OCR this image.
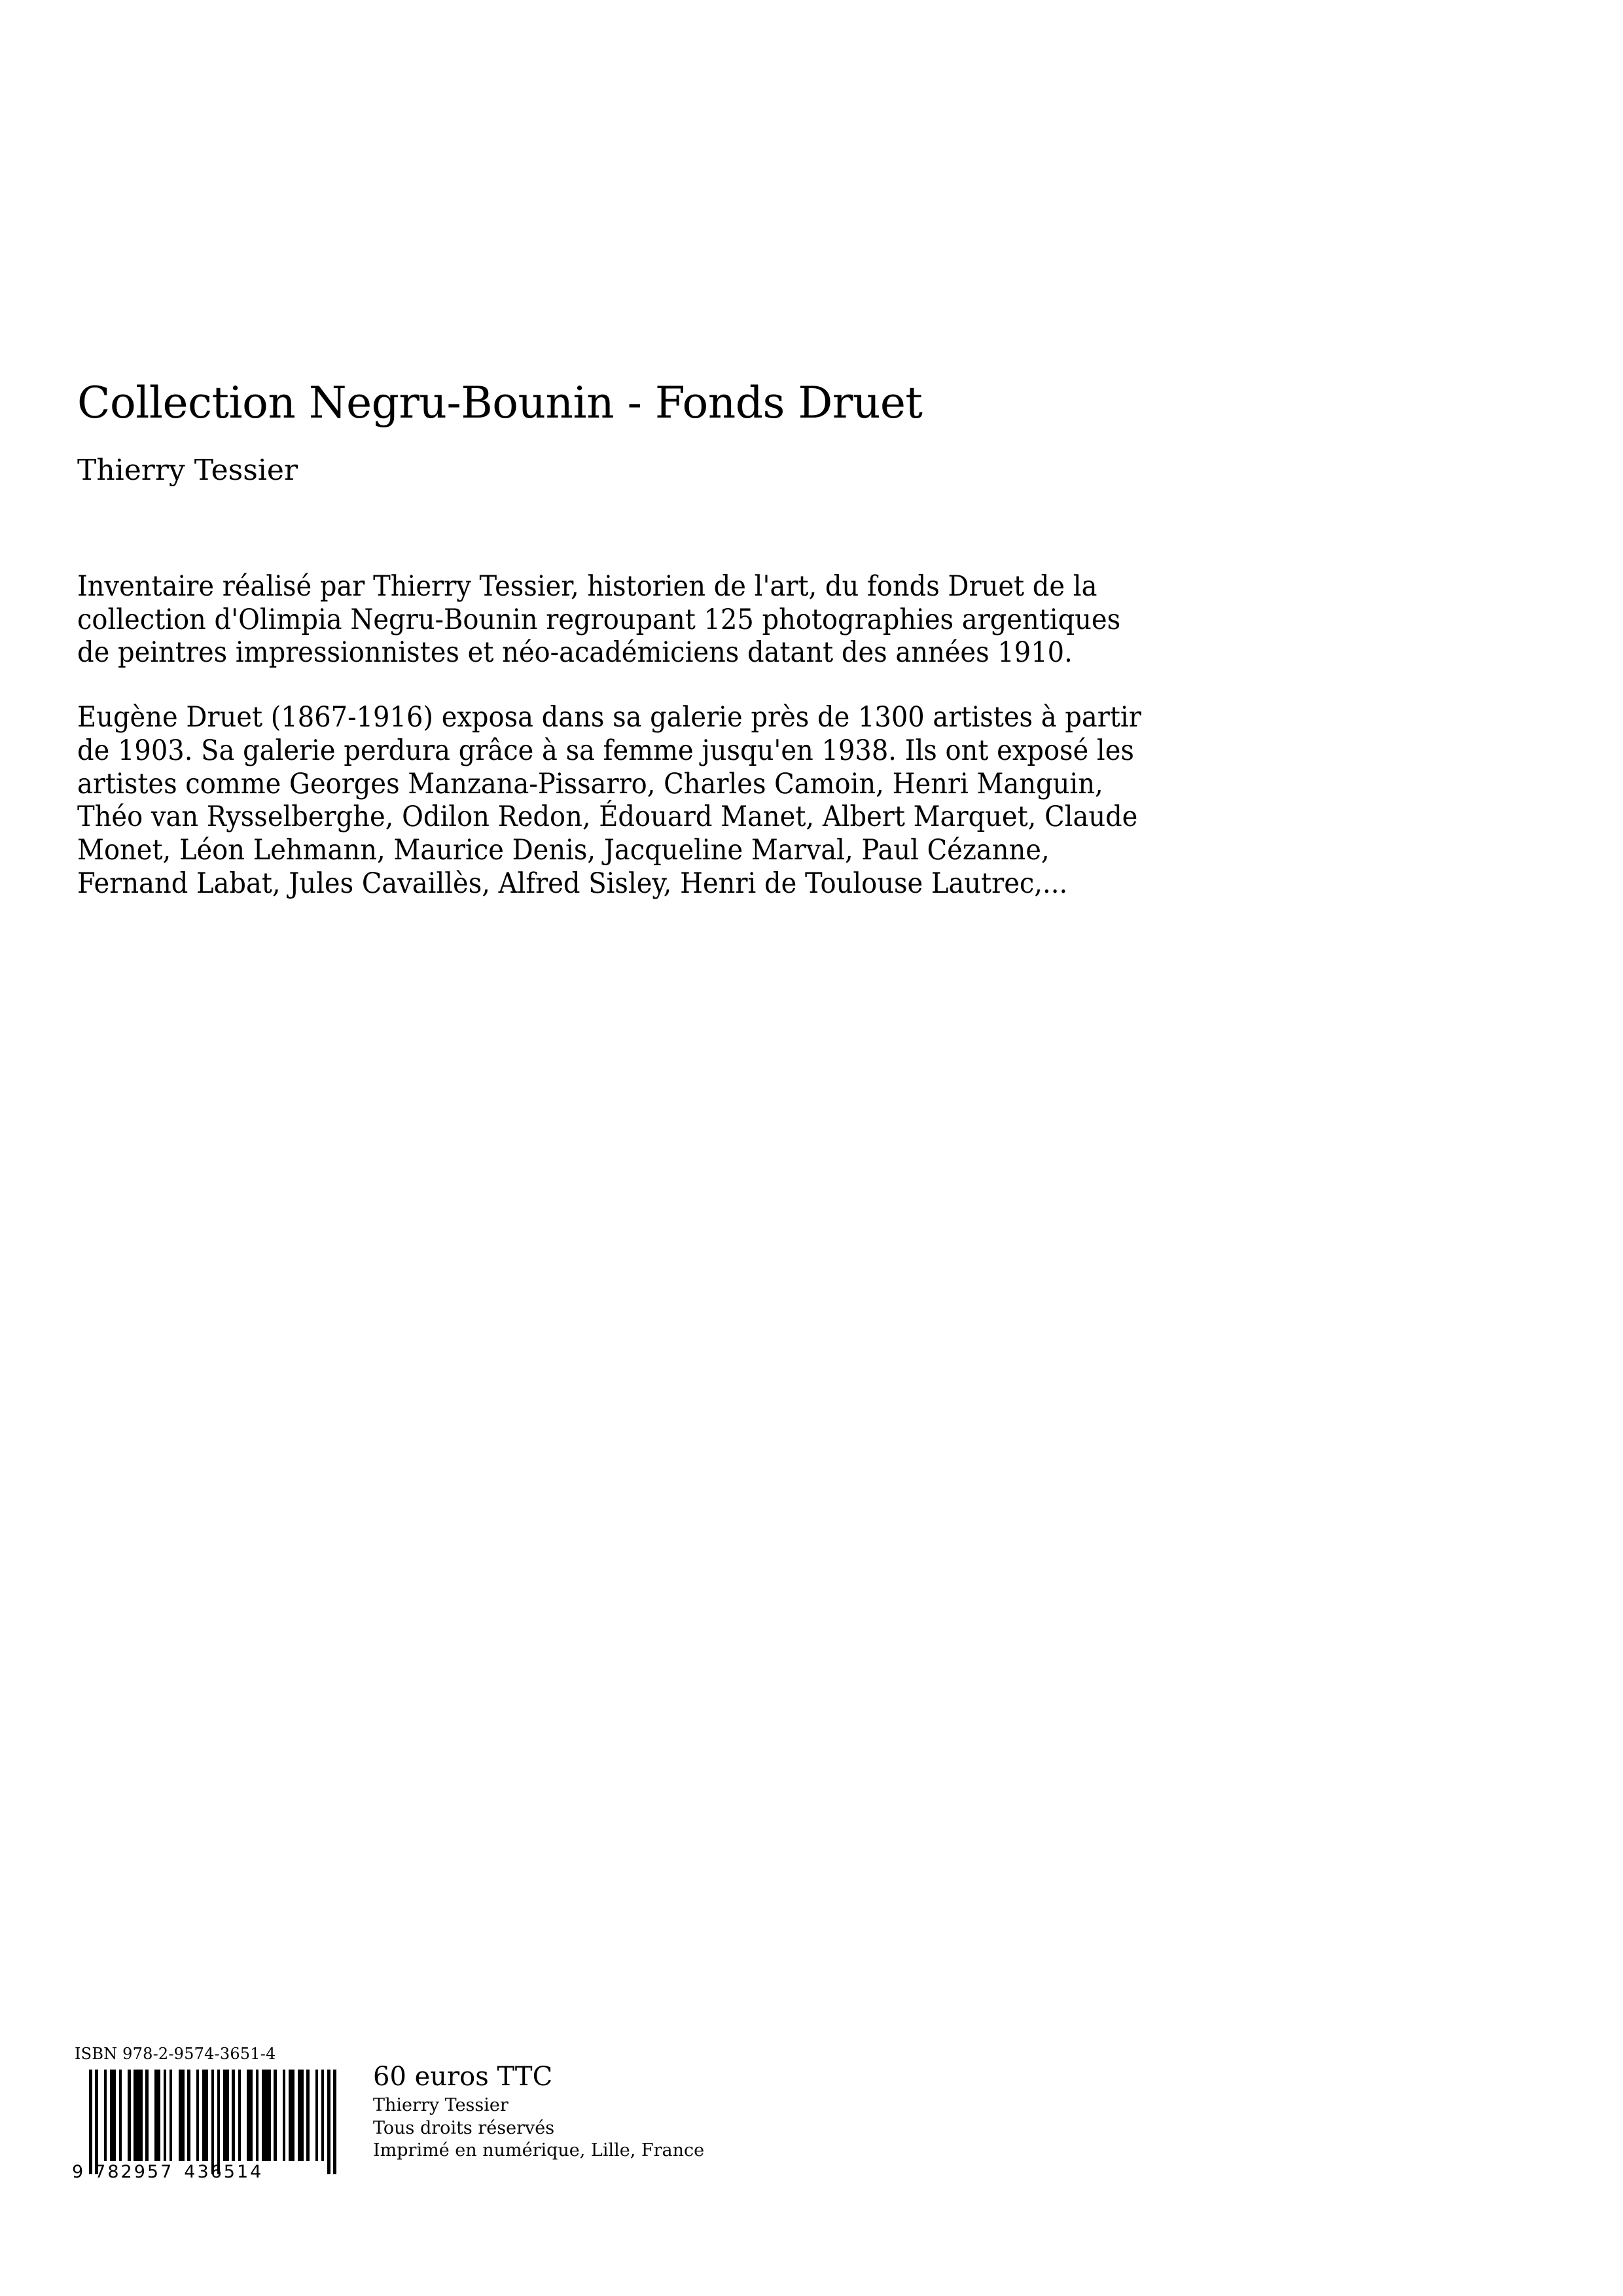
Collection Negru-Bounin - Fonds Druet
Thierry Tessier

Inventaire réalisé par Thierry Tessier, historien de l'art, du fonds Druet de la collection d'Olimpia Negru-Bounin regroupant 125 photographies argentiques de peintres impressionnistes et néo-académiciens datant des années 1910.

Eugène Druet (1867-1916) exposa dans sa galerie près de 1300 artistes à partir de 1903. Sa galerie perdura grâce à sa femme jusqu'en 1938. Ils ont exposé les artistes comme Georges Manzana-Pissarro, Charles Camoin, Henri Manguin, Théo van Rysselberghe, Odilon Redon, Édouard Manet, Albert Marquet, Claude Monet, Léon Lehmann, Maurice Denis, Jacqueline Marval, Paul Cézanne, Fernand Labat, Jules Cavaillès, Alfred Sisley, Henri de Toulouse Lautrec,...

ISBN 978-2-9574-3651-4
9 782957 436514
60 euros TTC
Thierry Tessier
Tous droits réservés
Imprimé en numérique, Lille, France
